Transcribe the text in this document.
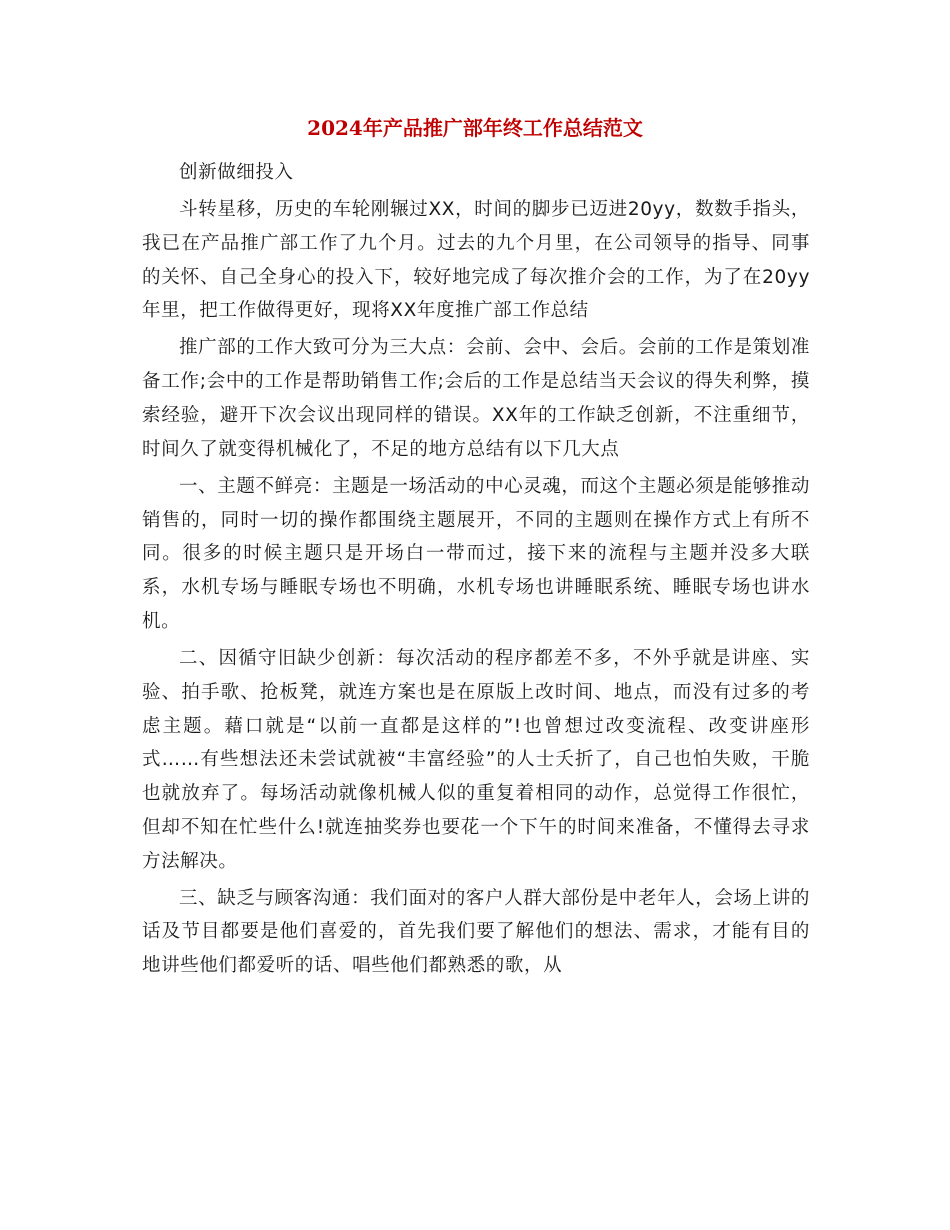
2024年产品推广部年终工作总结范文

创新做细投入

斗转星移，历史的车轮刚辗过XX，时间的脚步已迈进20yy，数数手指头，我已在产品推广部工作了九个月。过去的九个月里，在公司领导的指导、同事的关怀、自己全身心的投入下，较好地完成了每次推介会的工作，为了在20yy年里，把工作做得更好，现将XX年度推广部工作总结

推广部的工作大致可分为三大点：会前、会中、会后。会前的工作是策划准备工作;会中的工作是帮助销售工作;会后的工作是总结当天会议的得失利弊，摸索经验，避开下次会议出现同样的错误。XX年的工作缺乏创新，不注重细节，时间久了就变得机械化了，不足的地方总结有以下几大点

一、主题不鲜亮：主题是一场活动的中心灵魂，而这个主题必须是能够推动销售的，同时一切的操作都围绕主题展开，不同的主题则在操作方式上有所不同。很多的时候主题只是开场白一带而过，接下来的流程与主题并没多大联系，水机专场与睡眠专场也不明确，水机专场也讲睡眠系统、睡眠专场也讲水机。

二、因循守旧缺少创新：每次活动的程序都差不多，不外乎就是讲座、实验、拍手歌、抢板凳，就连方案也是在原版上改时间、地点，而没有过多的考虑主题。藉口就是“以前一直都是这样的”!也曾想过改变流程、改变讲座形式……有些想法还未尝试就被“丰富经验”的人士夭折了，自己也怕失败，干脆也就放弃了。每场活动就像机械人似的重复着相同的动作，总觉得工作很忙，但却不知在忙些什么!就连抽奖券也要花一个下午的时间来准备，不懂得去寻求方法解决。

三、缺乏与顾客沟通：我们面对的客户人群大部份是中老年人，会场上讲的话及节目都要是他们喜爱的，首先我们要了解他们的想法、需求，才能有目的地讲些他们都爱听的话、唱些他们都熟悉的歌，从
